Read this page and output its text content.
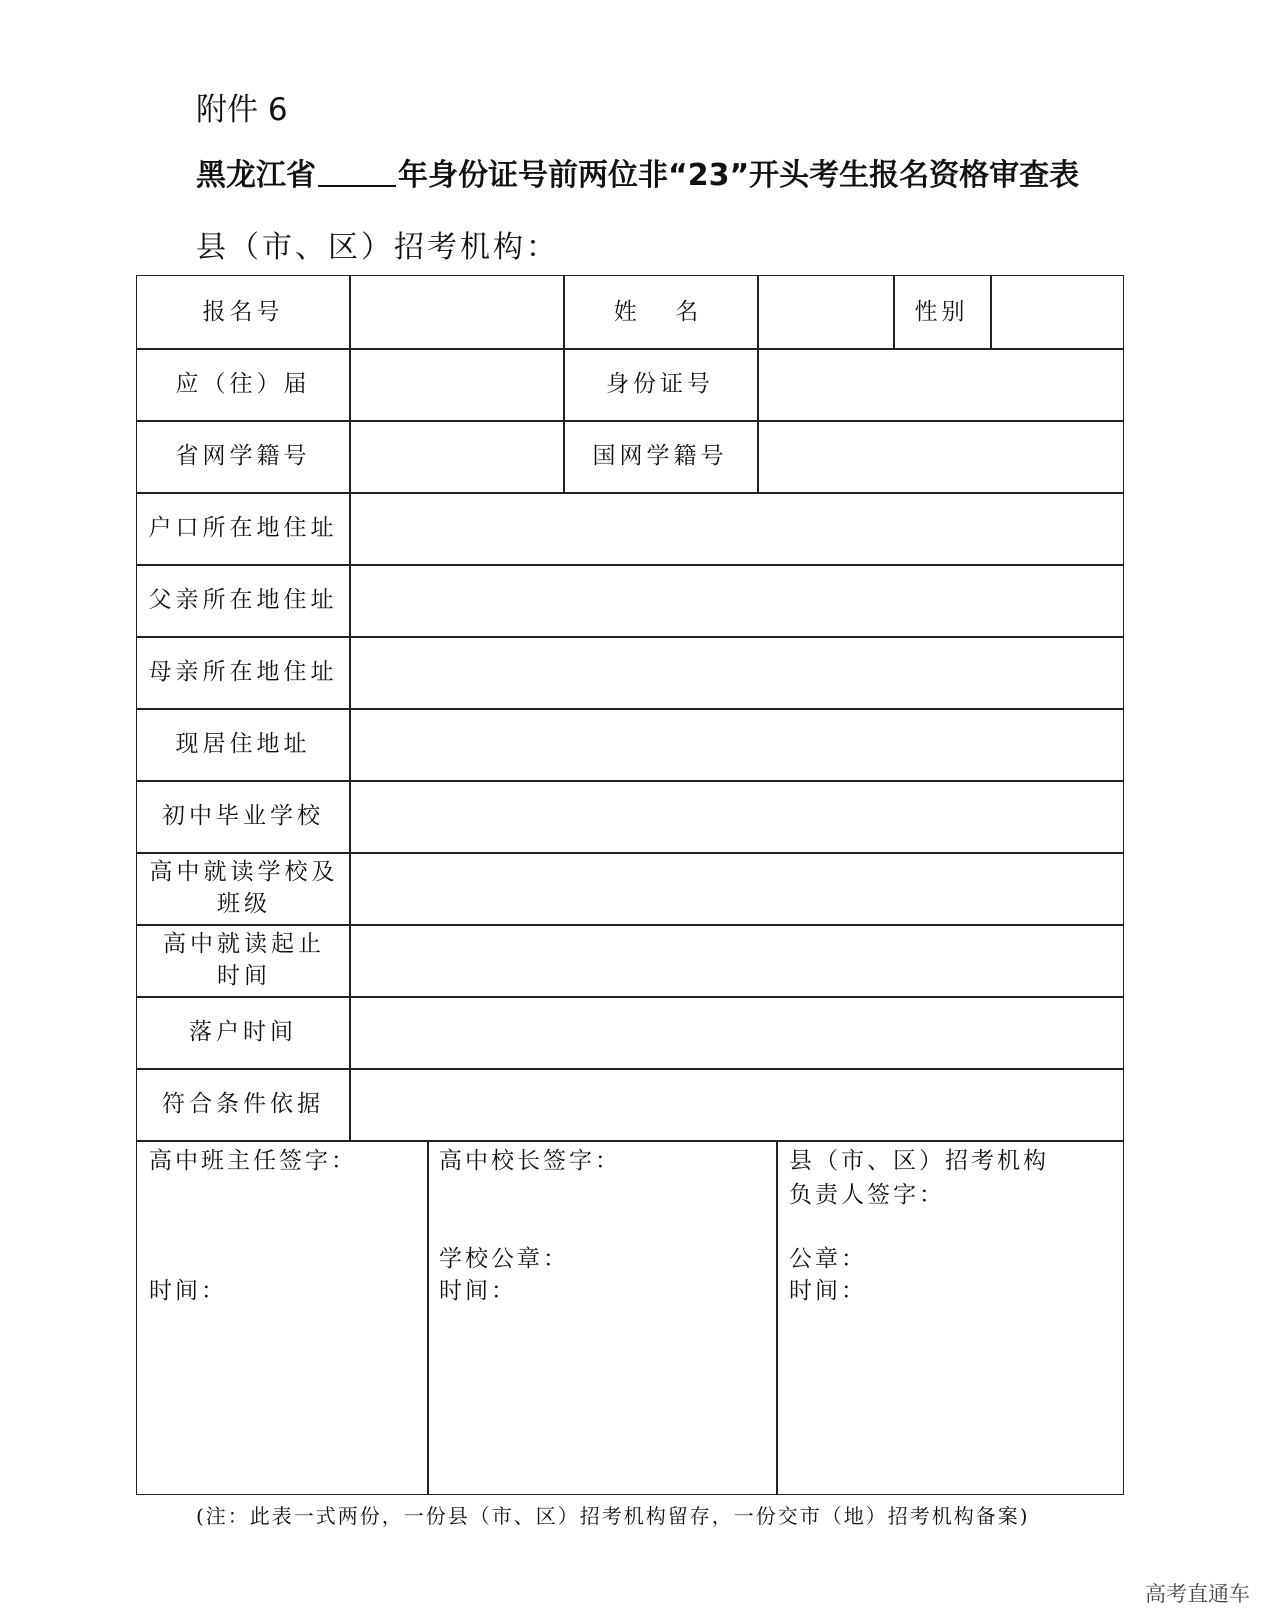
附件 6
黑龙江省	年身份证号前两位非“23”开头考生报名资格审查表
县（市、区）招考机构：
报名号	姓  名	性别
应（往）届	身份证号
省网学籍号	国网学籍号
户口所在地住址
父亲所在地住址
母亲所在地住址
现居住地址
初中毕业学校
高中就读学校及班级
高中就读起止时间
落户时间
符合条件依据
高中班主任签字：
时间：
高中校长签字：
学校公章：
时间：
县（市、区）招考机构
负责人签字：
公章：
时间：
(注：此表一式两份，一份县（市、区）招考机构留存，一份交市（地）招考机构备案)
高考直通车
